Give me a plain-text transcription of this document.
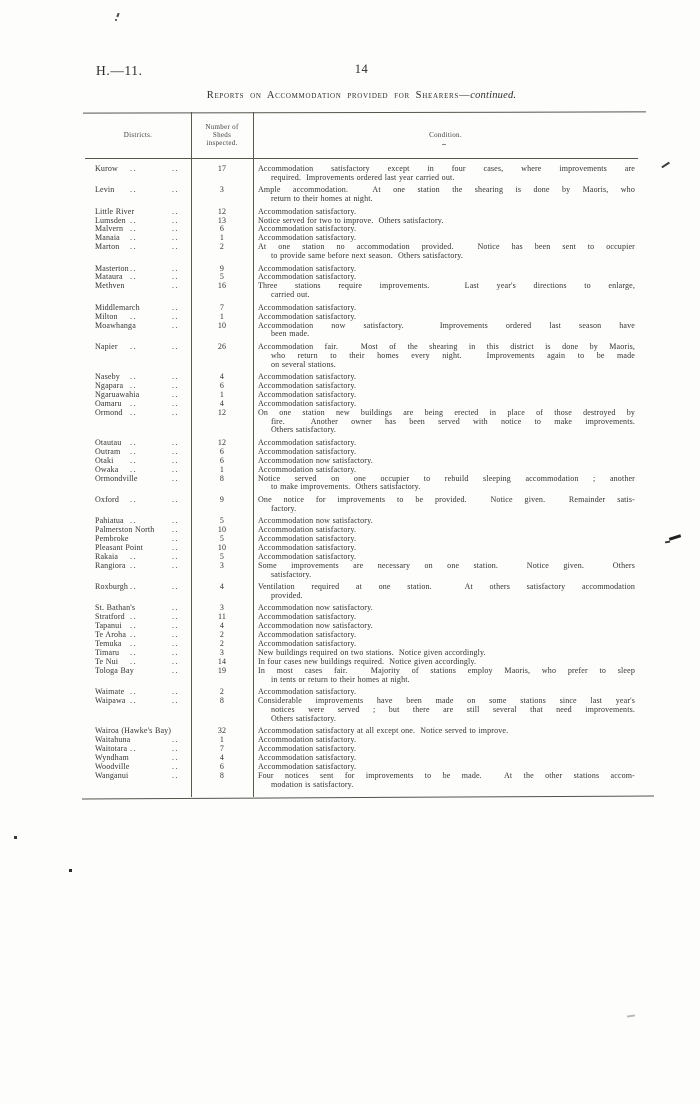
H.—11.	14
Reports on Accommodation provided for Shearers—continued.
Districts.
Number of
Sheds
inspected.
Condition.
Kurow ..	..	17	Accommodation satisfactory except in four cases, where improvements are
required.  Improvements ordered last year carried out.
Levin ..	..	3	Ample accommodation.  At one station the shearing is done by Maoris, who
return to their homes at night.
Little River	..	12	Accommodation satisfactory.
Lumsden ..	..	13	Notice served for two to improve.  Others satisfactory.
Malvern ..	..	6	Accommodation satisfactory.
Manaia ..	..	1	Accommodation satisfactory.
Marton ..	..	2	At one station no accommodation provided.  Notice has been sent to occupier
to provide same before next season.  Others satisfactory.
Masterton ..	..	9	Accommodation satisfactory.
Mataura ..	..	5	Accommodation satisfactory.
Methven	..	16	Three stations require improvements.  Last year's directions to enlarge,
carried out.
Middlemarch	..	7	Accommodation satisfactory.
Milton ..	..	1	Accommodation satisfactory.
Moawhanga	..	10	Accommodation now satisfactory.  Improvements ordered last season have
been made.
Napier ..	..	26	Accommodation fair.  Most of the shearing in this district is done by Maoris,
who return to their homes every night.  Improvements again to be made
on several stations.
Naseby ..	..	4	Accommodation satisfactory.
Ngapara ..	..	6	Accommodation satisfactory.
Ngaruawahia	..	1	Accommodation satisfactory.
Oamaru ..	..	4	Accommodation satisfactory.
Ormond ..	..	12	On one station new buildings are being erected in place of those destroyed by
fire.  Another owner has been served with notice to make improvements.
Others satisfactory.
Otautau ..	..	12	Accommodation satisfactory.
Outram ..	..	6	Accommodation satisfactory.
Otaki ..	..	6	Accommodation now satisfactory.
Owaka ..	..	1	Accommodation satisfactory.
Ormondville	..	8	Notice served on one occupier to rebuild sleeping accommodation ; another
to make improvements.  Others satisfactory.
Oxford ..	..	9	One notice for improvements to be provided.  Notice given.  Remainder satis-
factory.
Pahiatua ..	..	5	Accommodation now satisfactory.
Palmerston North ..	10	Accommodation satisfactory.
Pembroke	..	5	Accommodation satisfactory.
Pleasant Point	..	10	Accommodation satisfactory.
Rakaia ..	..	5	Accommodation satisfactory.
Rangiora ..	..	3	Some improvements are necessary on one station.  Notice given.  Others
satisfactory.
Roxburgh ..	..	4	Ventilation required at one station.  At others satisfactory accommodation
provided.
St. Bathan's	..	3	Accommodation now satisfactory.
Stratford ..	..	11	Accommodation satisfactory.
Tapanui ..	..	4	Accommodation now satisfactory.
Te Aroha ..	..	2	Accommodation satisfactory.
Temuka ..	..	2	Accommodation satisfactory.
Timaru ..	..	3	New buildings required on two stations.  Notice given accordingly.
Te Nui ..	..	14	In four cases new buildings required.  Notice given accordingly.
Tologa Bay	..	19	In most cases fair.  Majority of stations employ Maoris, who prefer to sleep
in tents or return to their homes at night.
Waimate ..	..	2	Accommodation satisfactory.
Waipawa ..	..	8	Considerable improvements have been made on some stations since last year's
notices were served ; but there are still several that need improvements.
Others satisfactory.
Wairoa (Hawke's Bay)	32	Accommodation satisfactory at all except one.  Notice served to improve.
Waitahuna	..	1	Accommodation satisfactory.
Waitotara ..	..	7	Accommodation satisfactory.
Wyndham	..	4	Accommodation satisfactory.
Woodville	..	6	Accommodation satisfactory.
Wanganui	..	8	Four notices sent for improvements to be made.  At the other stations accom-
modation is satisfactory.
